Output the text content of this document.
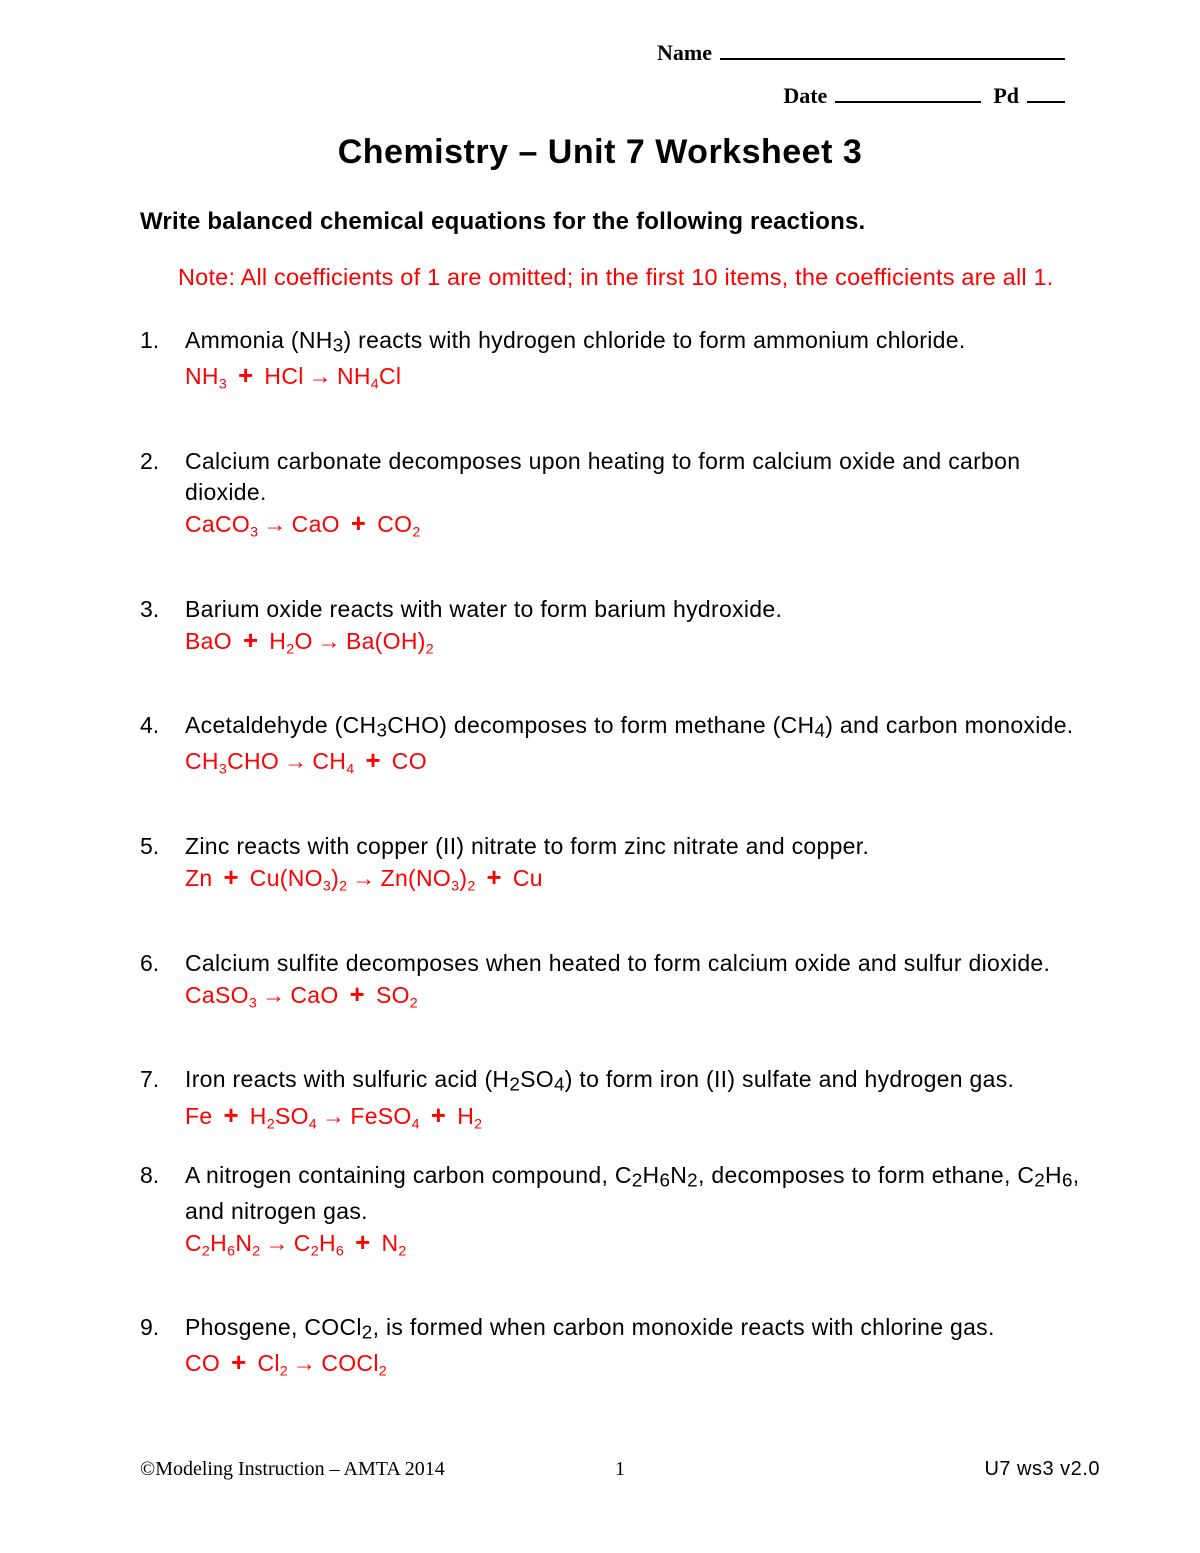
Name
Date	Pd
Chemistry – Unit 7 Worksheet 3
Write balanced chemical equations for the following reactions.
Note: All coefficients of 1 are omitted; in the first 10 items, the coefficients are all 1.
1.	Ammonia (NH3) reacts with hydrogen chloride to form ammonium chloride.
NH3 + HCl → NH4Cl
2.	Calcium carbonate decomposes upon heating to form calcium oxide and carbon dioxide.
CaCO3 → CaO + CO2
3.	Barium oxide reacts with water to form barium hydroxide.
BaO + H2O → Ba(OH)2
4.	Acetaldehyde (CH3CHO) decomposes to form methane (CH4) and carbon monoxide.
CH3CHO → CH4 + CO
5.	Zinc reacts with copper (II) nitrate to form zinc nitrate and copper.
Zn + Cu(NO3)2 → Zn(NO3)2 + Cu
6.	Calcium sulfite decomposes when heated to form calcium oxide and sulfur dioxide.
CaSO3 → CaO + SO2
7.	Iron reacts with sulfuric acid (H2SO4) to form iron (II) sulfate and hydrogen gas.
Fe + H2SO4 → FeSO4 + H2
8.	A nitrogen containing carbon compound, C2H6N2, decomposes to form ethane, C2H6, and nitrogen gas.
C2H6N2 → C2H6 + N2
9.	Phosgene, COCl2, is formed when carbon monoxide reacts with chlorine gas.
CO + Cl2 → COCl2
©Modeling Instruction – AMTA 2014	1	U7 ws3 v2.0
